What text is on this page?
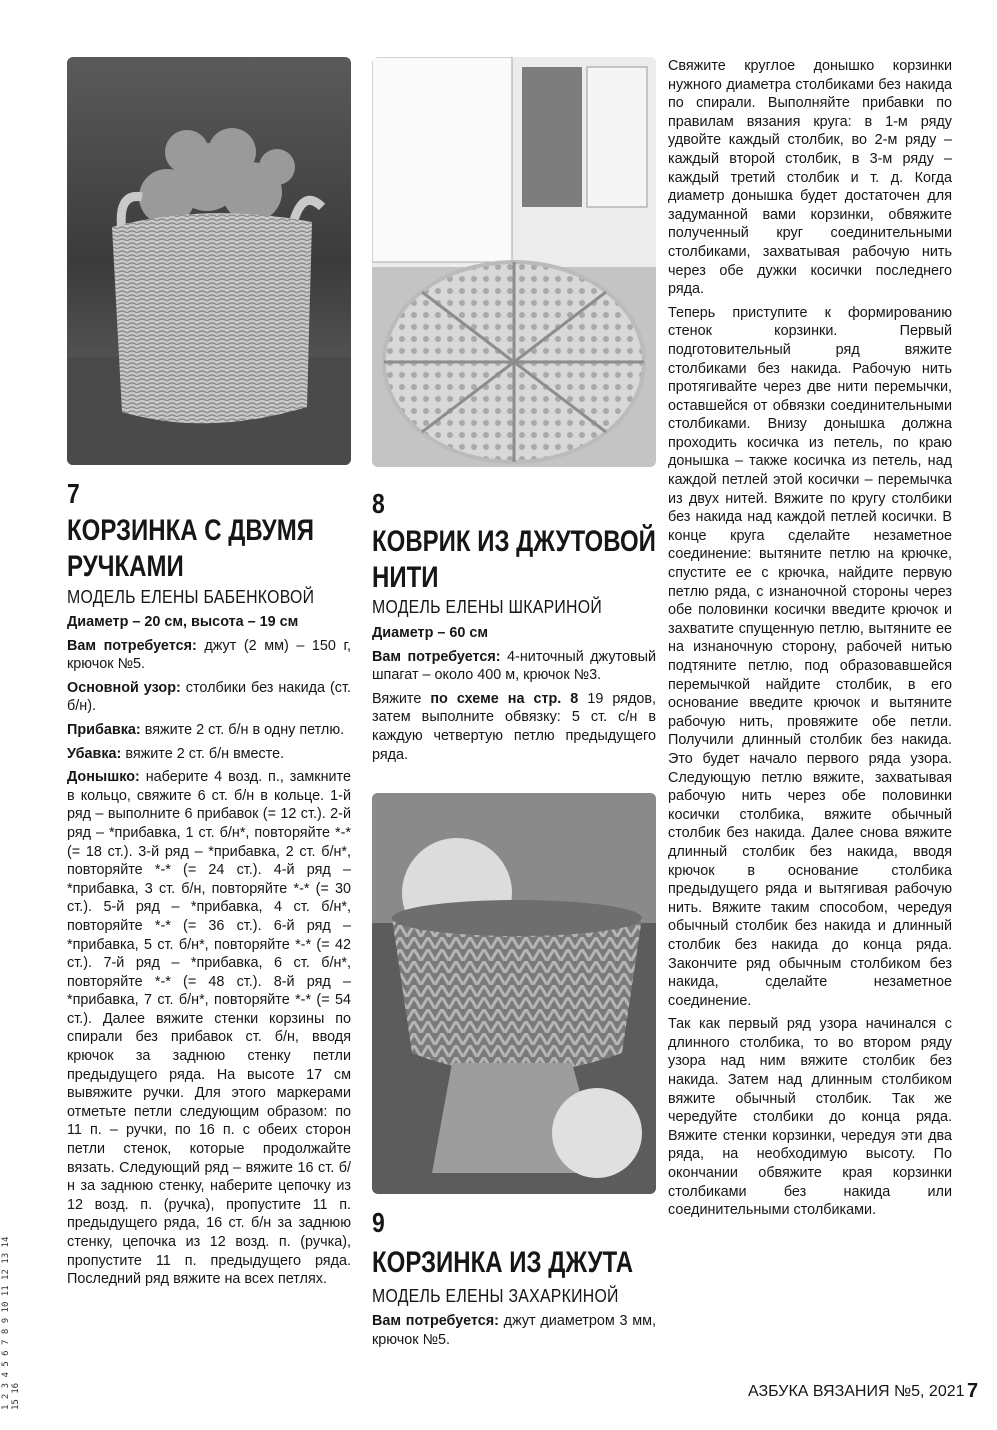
7
КОРЗИНКА С ДВУМЯ РУЧКАМИ
МОДЕЛЬ ЕЛЕНЫ БАБЕНКОВОЙ

Диаметр – 20 см, высота – 19 см

Вам потребуется: джут (2 мм) – 150 г, крючок №5.

Основной узор: столбики без накида (ст. б/н).

Прибавка: вяжите 2 ст. б/н в одну петлю.

Убавка: вяжите 2 ст. б/н вместе.

Донышко: наберите 4 возд. п., замкните в кольцо, свяжите 6 ст. б/н в кольце. 1-й ряд – выполните 6 прибавок (= 12 ст.). 2-й ряд – *прибавка, 1 ст. б/н*, повторяйте *-* (= 18 ст.). 3-й ряд – *прибавка, 2 ст. б/н*, повторяйте *-* (= 24 ст.). 4-й ряд – *прибавка, 3 ст. б/н, повторяйте *-* (= 30 ст.). 5-й ряд – *прибавка, 4 ст. б/н*, повторяйте *-* (= 36 ст.). 6-й ряд – *прибавка, 5 ст. б/н*, повторяйте *-* (= 42 ст.). 7-й ряд – *прибавка, 6 ст. б/н*, повторяйте *-* (= 48 ст.). 8-й ряд – *прибавка, 7 ст. б/н*, повторяйте *-* (= 54 ст.). Далее вяжите стенки корзины по спирали без прибавок ст. б/н, вводя крючок за заднюю стенку петли предыдущего ряда. На высоте 17 см вывяжите ручки. Для этого маркерами отметьте петли следующим образом: по 11 п. – ручки, по 16 п. с обеих сторон петли стенок, которые продолжайте вязать. Следующий ряд – вяжите 16 ст. б/н за заднюю стенку, наберите цепочку из 12 возд. п. (ручка), пропустите 11 п. предыдущего ряда, 16 ст. б/н за заднюю стенку, цепочка из 12 возд. п. (ручка), пропустите 11 п. предыдущего ряда. Последний ряд вяжите на всех петлях.

8
КОВРИК ИЗ ДЖУТОВОЙ НИТИ
МОДЕЛЬ ЕЛЕНЫ ШКАРИНОЙ

Диаметр – 60 см

Вам потребуется: 4-ниточный джутовый шпагат – около 400 м, крючок №3.

Вяжите по схеме на стр. 8 19 рядов, затем выполните обвязку: 5 ст. с/н в каждую четвертую петлю предыдущего ряда.

9
КОРЗИНКА ИЗ ДЖУТА
МОДЕЛЬ ЕЛЕНЫ ЗАХАРКИНОЙ

Вам потребуется: джут диаметром 3 мм, крючок №5.

Свяжите круглое донышко корзинки нужного диаметра столбиками без накида по спирали. Выполняйте прибавки по правилам вязания круга: в 1-м ряду удвойте каждый столбик, во 2-м ряду – каждый второй столбик, в 3-м ряду – каждый третий столбик и т. д. Когда диаметр донышка будет достаточен для задуманной вами корзинки, обвяжите полученный круг соединительными столбиками, захватывая рабочую нить через обе дужки косички последнего ряда.

Теперь приступите к формированию стенок корзинки. Первый подготовительный ряд вяжите столбиками без накида. Рабочую нить протягивайте через две нити перемычки, оставшейся от обвязки соединительными столбиками. Внизу донышка должна проходить косичка из петель, по краю донышка – также косичка из петель, над каждой петлей этой косички – перемычка из двух нитей. Вяжите по кругу столбики без накида над каждой петлей косички. В конце круга сделайте незаметное соединение: вытяните петлю на крючке, спустите ее с крючка, найдите первую петлю ряда, с изнаночной стороны через обе половинки косички введите крючок и захватите спущенную петлю, вытяните ее на изнаночную сторону, рабочей нитью подтяните петлю, под образовавшейся перемычкой найдите столбик, в его основание введите крючок и вытяните рабочую нить, провяжите обе петли. Получили длинный столбик без накида. Это будет начало первого ряда узора. Следующую петлю вяжите, захватывая рабочую нить через обе половинки косички столбика, вяжите обычный столбик без накида. Далее снова вяжите длинный столбик без накида, вводя крючок в основание столбика предыдущего ряда и вытягивая рабочую нить. Вяжите таким способом, чередуя обычный столбик без накида и длинный столбик без накида до конца ряда. Закончите ряд обычным столбиком без накида, сделайте незаметное соединение.

Так как первый ряд узора начинался с длинного столбика, то во втором ряду узора над ним вяжите столбик без накида. Затем над длинным столбиком вяжите обычный столбик. Так же чередуйте столбики до конца ряда. Вяжите стенки корзинки, чередуя эти два ряда, на необходимую высоту. По окончании обвяжите края корзинки столбиками без накида или соединительными столбиками.

АЗБУКА ВЯЗАНИЯ №5, 2021 7
1 2 3 4 5 6 7 8 9 10 11 12 13 14 15 16
